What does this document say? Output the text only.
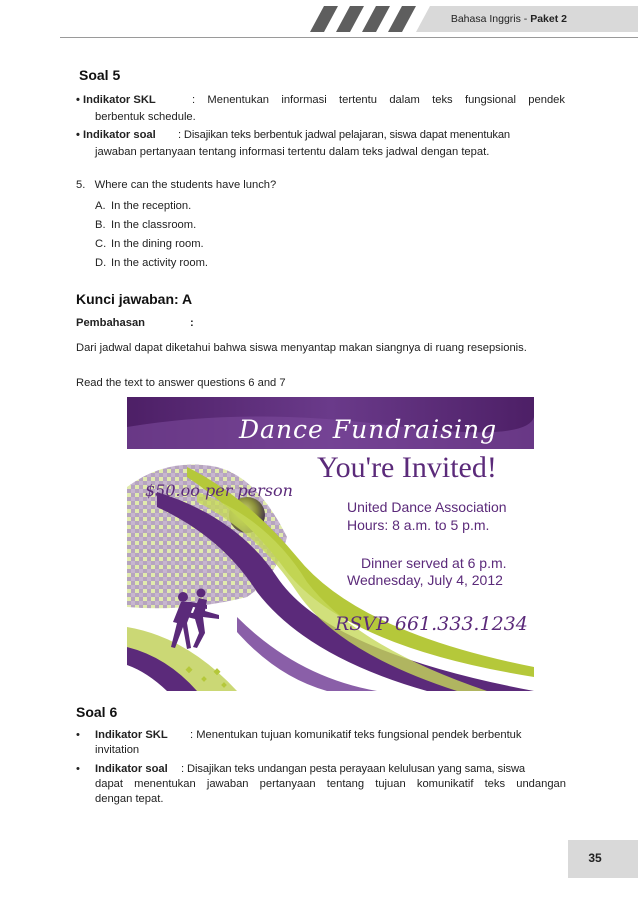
Bahasa Inggris - Paket 2
Soal 5
• Indikator SKL	: Menentukan informasi tertentu dalam teks fungsional pendek
berbentuk schedule.
• Indikator soal : Disajikan teks berbentuk jadwal pelajaran, siswa dapat menentukan
jawaban pertanyaan tentang informasi tertentu dalam teks jadwal dengan tepat.
5.   Where can the students have lunch?
A. In the reception.
B. In the classroom.
C. In the dining room.
D. In the activity room.
Kunci jawaban: A
Pembahasan	:
Dari jadwal dapat diketahui bahwa siswa menyantap makan siangnya di ruang resepsionis.
Read the text to answer questions 6 and 7
Dance Fundraising
You're Invited!
$50.oo per person
United Dance Association
Hours: 8 a.m. to 5 p.m.
Dinner served at 6 p.m.
Wednesday, July 4, 2012
RSVP 661.333.1234
Soal 6
• Indikator SKL : Menentukan tujuan komunikatif teks fungsional pendek berbentuk
invitation
• Indikator soal : Disajikan teks undangan pesta perayaan kelulusan yang sama, siswa
dapat menentukan jawaban pertanyaan tentang tujuan komunikatif teks undangan
dengan tepat.
35
